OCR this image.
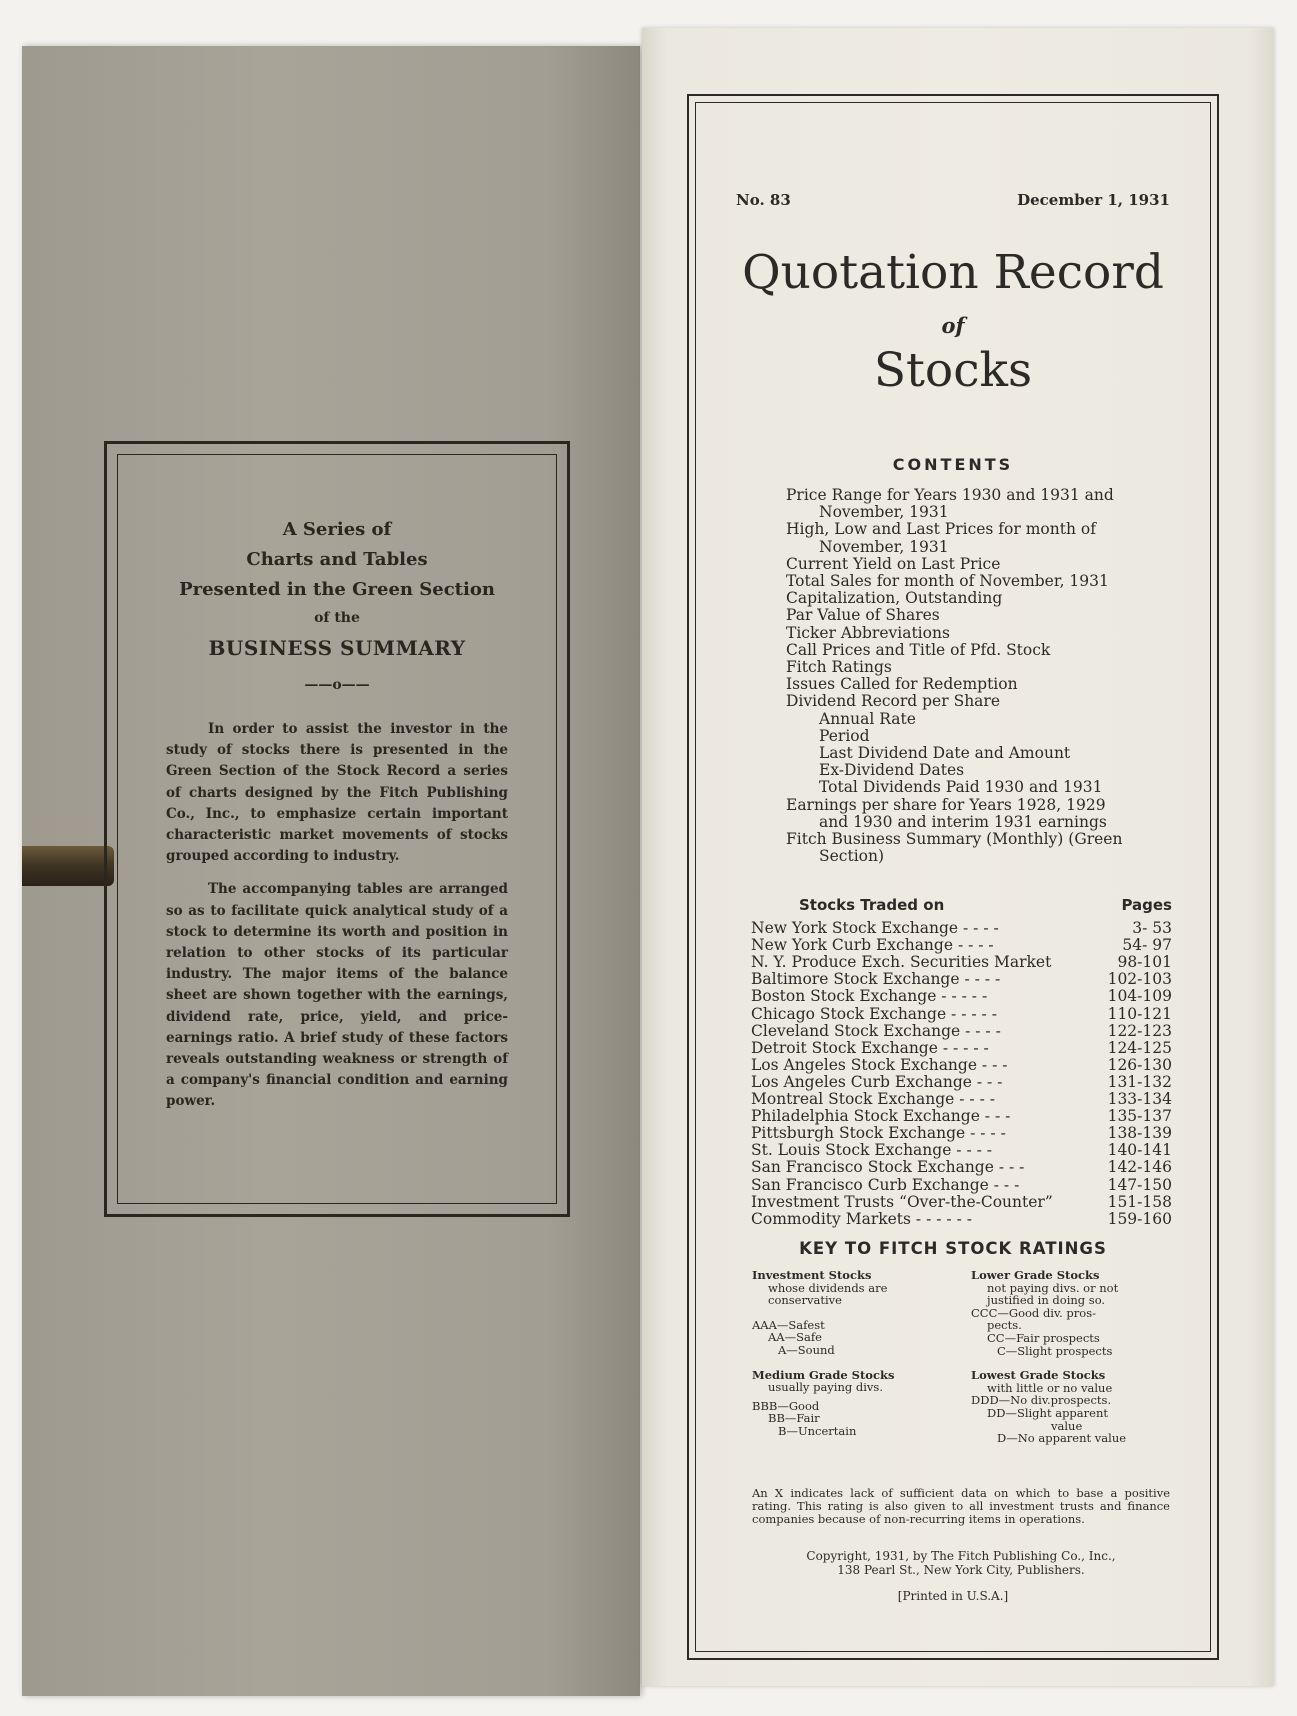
A Series of
Charts and Tables
Presented in the Green Section
of the
BUSINESS SUMMARY
——o——

In order to assist the investor in the study of stocks there is presented in the Green Section of the Stock Record a series of charts designed by the Fitch Publishing Co., Inc., to emphasize certain important characteristic market movements of stocks grouped according to industry.

The accompanying tables are arranged so as to facilitate quick analytical study of a stock to determine its worth and position in relation to other stocks of its particular industry. The major items of the balance sheet are shown together with the earnings, dividend rate, price, yield, and price-earnings ratio. A brief study of these factors reveals outstanding weakness or strength of a company's financial condition and earning power.

No. 83	December 1, 1931
Quotation Record
of
Stocks
CONTENTS
Price Range for Years 1930 and 1931 and
November, 1931
High, Low and Last Prices for month of
November, 1931
Current Yield on Last Price
Total Sales for month of November, 1931
Capitalization, Outstanding
Par Value of Shares
Ticker Abbreviations
Call Prices and Title of Pfd. Stock
Fitch Ratings
Issues Called for Redemption
Dividend Record per Share
Annual Rate
Period
Last Dividend Date and Amount
Ex-Dividend Dates
Total Dividends Paid 1930 and 1931
Earnings per share for Years 1928, 1929
and 1930 and interim 1931 earnings
Fitch Business Summary (Monthly) (Green
Section)
Stocks Traded on	Pages
New York Stock Exchange - - - -	3- 53
New York Curb Exchange - - - -	54- 97
N. Y. Produce Exch. Securities Market	98-101
Baltimore Stock Exchange - - - -	102-103
Boston Stock Exchange - - - - -	104-109
Chicago Stock Exchange - - - - -	110-121
Cleveland Stock Exchange - - - -	122-123
Detroit Stock Exchange - - - - -	124-125
Los Angeles Stock Exchange - - -	126-130
Los Angeles Curb Exchange - - -	131-132
Montreal Stock Exchange - - - -	133-134
Philadelphia Stock Exchange - - -	135-137
Pittsburgh Stock Exchange - - - -	138-139
St. Louis Stock Exchange - - - -	140-141
San Francisco Stock Exchange - - -	142-146
San Francisco Curb Exchange - - -	147-150
Investment Trusts “Over-the-Counter”	151-158
Commodity Markets - - - - - -	159-160
KEY TO FITCH STOCK RATINGS
Investment Stocks
whose dividends are
conservative
AAA—Safest
AA—Safe
A—Sound
Medium Grade Stocks
usually paying divs.
BBB—Good
BB—Fair
B—Uncertain
Lower Grade Stocks
not paying divs. or not
justified in doing so.
CCC—Good div. pros-
pects.
CC—Fair prospects
C—Slight prospects
Lowest Grade Stocks
with little or no value
DDD—No div.prospects.
DD—Slight apparent
value
D—No apparent value
An X indicates lack of sufficient data on which to base a positive rating. This rating is also given to all investment trusts and finance companies because of non-recurring items in operations.
Copyright, 1931, by The Fitch Publishing Co., Inc.,
138 Pearl St., New York City, Publishers.
[Printed in U.S.A.]
